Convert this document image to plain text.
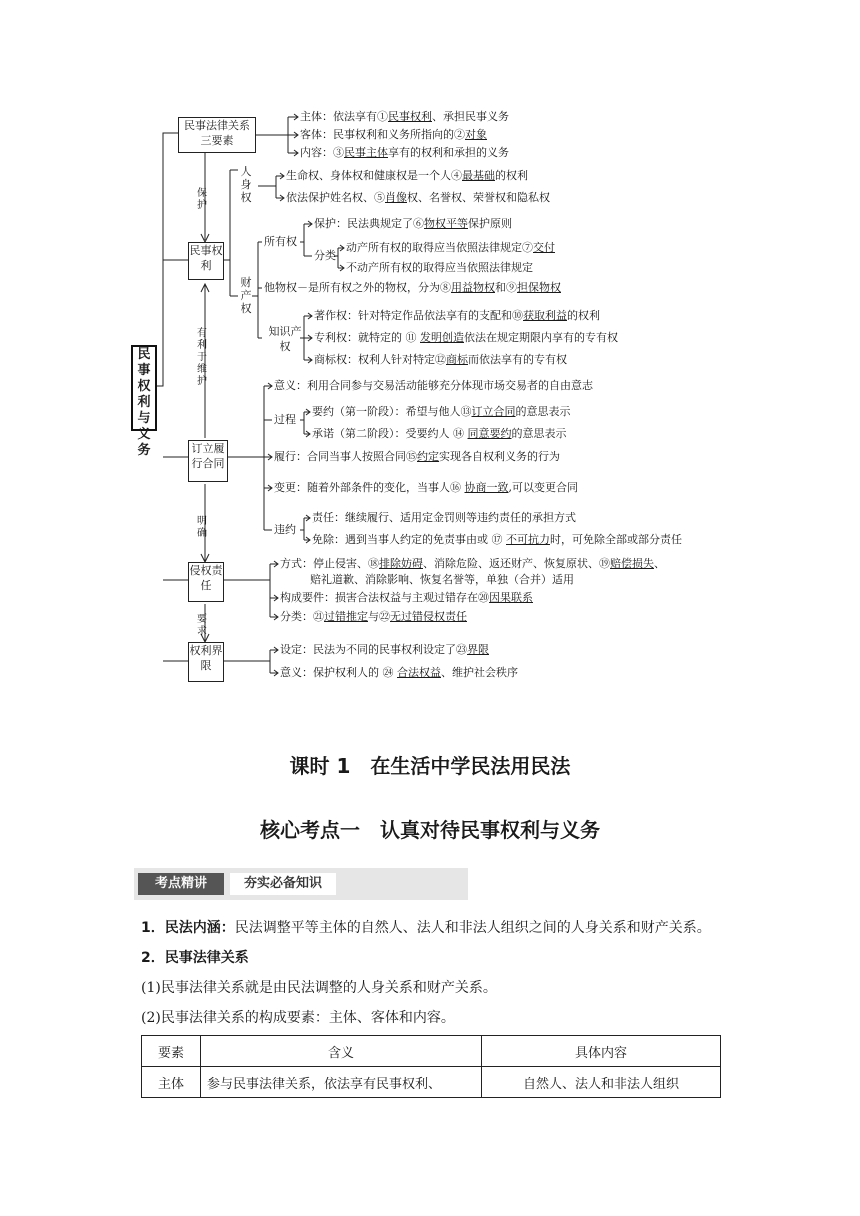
民事权利与义务
民事法律关系三要素
民事权利
订立履行合同
侵权责任
权利界限
保护
有利于维护
明确
要求
主体：依法享有①民事权利、承担民事义务
客体：民事权利和义务所指向的②对象
内容：③民事主体享有的权利和承担的义务
人身权
生命权、身体权和健康权是一个人④最基础的权利
依法保护姓名权、⑤肖像权、名誉权、荣誉权和隐私权
财产权
所有权
保护：民法典规定了⑥物权平等保护原则
分类
动产所有权的取得应当依照法律规定⑦交付
不动产所有权的取得应当依照法律规定
他物权－是所有权之外的物权，分为⑧用益物权和⑨担保物权
知识产权
著作权：针对特定作品依法享有的支配和⑩获取利益的权利
专利权：就特定的 ⑪ 发明创造依法在规定期限内享有的专有权
商标权：权利人针对特定⑫商标而依法享有的专有权
意义：利用合同参与交易活动能够充分体现市场交易者的自由意志
过程
要约（第一阶段）：希望与他人⑬订立合同的意思表示
承诺（第二阶段）：受要约人 ⑭ 同意要约的意思表示
履行：合同当事人按照合同⑮约定实现各自权利义务的行为
变更：随着外部条件的变化，当事人⑯ 协商一致,可以变更合同
违约
责任：继续履行、适用定金罚则等违约责任的承担方式
免除：遇到当事人约定的免责事由或 ⑰ 不可抗力时，可免除全部或部分责任
方式：停止侵害、⑱排除妨碍、消除危险、返还财产、恢复原状、⑲赔偿损失、
赔礼道歉、消除影响、恢复名誉等，单独（合并）适用
构成要件：损害合法权益与主观过错存在⑳因果联系
分类：㉑过错推定与㉒无过错侵权责任
设定：民法为不同的民事权利设定了㉓界限
意义：保护权利人的 ㉔ 合法权益、维护社会秩序
课时 1　在生活中学民法用民法
核心考点一　认真对待民事权利与义务
考点精讲	夯实必备知识
1．民法内涵：民法调整平等主体的自然人、法人和非法人组织之间的人身关系和财产关系。
2．民事法律关系
(1)民事法律关系就是由民法调整的人身关系和财产关系。
(2)民事法律关系的构成要素：主体、客体和内容。
要素	含义	具体内容
主体	参与民事法律关系，依法享有民事权利、	自然人、法人和非法人组织
